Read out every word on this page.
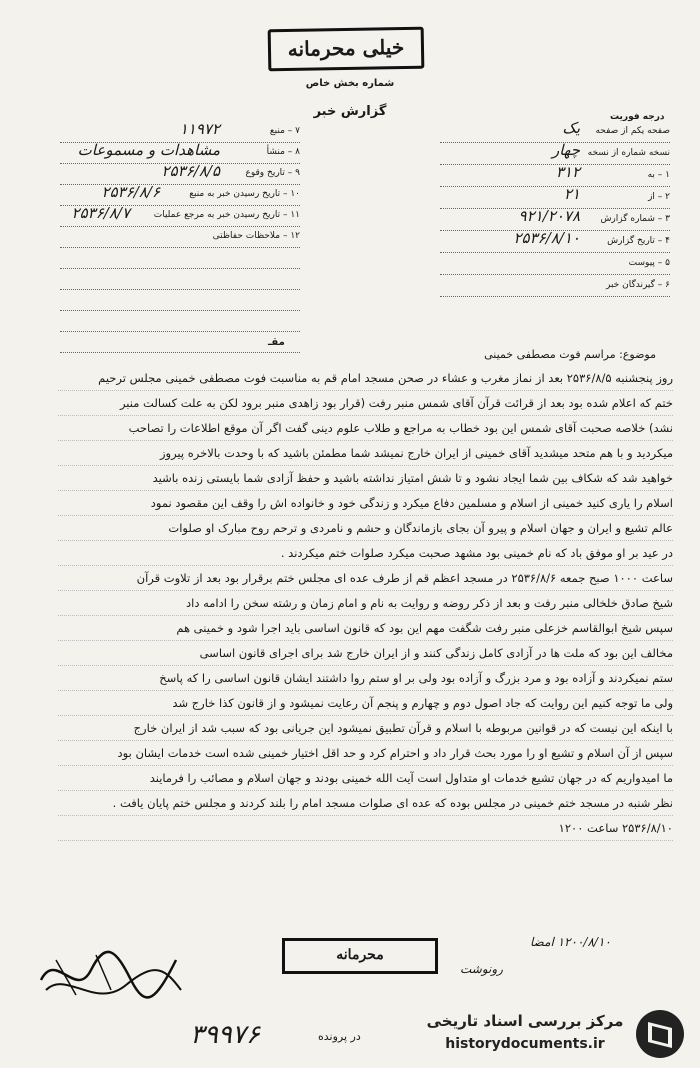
خیلی محرمانه
شماره بخش خاص
گزارش خبر	درجه فوریت
۷ – منبع
۱۱۹۷۲
۸ – منشأ
مشاهدات و مسموعات
۹ – تاریخ وقوع
۲۵۳۶/۸/۵
۱۰ – تاریخ رسیدن خبر به منبع
۲۵۳۶/۸/۶
۱۱ – تاریخ رسیدن خبر به مرجع عملیات
۲۵۳۶/۸/۷
۱۲ – ملاحظات حفاظتی
صفحه یکم از صفحه
یک
نسخه شماره از نسخه
چهار
۱ – به
۳۱۲
۲ – از
۲۱
۳ – شماره گزارش
۹۲۱/۲۰۷۸
۴ – تاریخ گزارش
۲۵۳۶/۸/۱۰
۵ – پیوست
۶ – گیرندگان خبر
مقـ
موضوع: مراسم فوت مصطفی خمینی
روز پنجشنبه ۲۵۳۶/۸/۵ بعد از نماز مغرب و عشاء در صحن مسجد امام قم به مناسبت فوت مصطفی خمینی مجلس ترحیم
ختم که اعلام شده بود بعد از قرائت قرآن آقای شمس منبر رفت (قرار بود زاهدی منبر برود لکن به علت کسالت منبر
نشد) خلاصه صحبت آقای شمس این بود خطاب به مراجع و طلاب علوم دینی گفت اگر آن موقع اطلاعات را تصاحب
میکردید و با هم متحد میشدید آقای خمینی از ایران خارج نمیشد شما مطمئن باشید که با وحدت بالاخره پیروز
خواهید شد که شکاف بین شما ایجاد نشود و تا شش امتیاز نداشته باشید و حفظ آزادی شما بایستی زنده باشید
اسلام را یاری کنید خمینی از اسلام و مسلمین دفاع میکرد و زندگی خود و خانواده اش را وقف این مقصود نمود
عالم تشیع و ایران و جهان اسلام و پیرو آن بجای بازماندگان و حشم و نامردی و ترحم روح مبارک او صلوات
در عید بر او موفق باد که نام خمینی بود مشهد صحبت میکرد صلوات ختم میکردند .
ساعت ۱۰۰۰ صبح جمعه ۲۵۳۶/۸/۶ در مسجد اعظم قم از طرف عده ای مجلس ختم برقرار بود بعد از تلاوت قرآن
شیخ صادق خلخالی منبر رفت و بعد از ذکر روضه و روایت به نام و امام زمان و رشته سخن را ادامه داد
سپس شیخ ابوالقاسم خزعلی منبر رفت شگفت مهم این بود که قانون اساسی باید اجرا شود و خمینی هم
مخالف این بود که ملت ها در آزادی کامل زندگی کنند و از ایران خارج شد برای اجرای قانون اساسی
ستم نمیکردند و آزاده بود و مرد بزرگ و آزاده بود ولی بر او ستم روا داشتند ایشان قانون اساسی را که پاسخ
ولی ما توجه کنیم این روایت که جاد اصول دوم و چهارم و پنجم آن رعایت نمیشود و از قانون کذا خارج شد
با اینکه این نیست که در قوانین مربوطه با اسلام و قرآن تطبیق نمیشود این جریانی بود که سبب شد از ایران خارج
سپس از آن اسلام و تشیع او را مورد بحث قرار داد و احترام کرد و حد اقل اختیار خمینی شده است خدمات ایشان بود
ما امیدواریم که در جهان تشیع خدمات او متداول است آیت الله خمینی بودند و جهان اسلام و مصائب را فرمایند
نظر شنبه در مسجد ختم خمینی در مجلس بوده که عده ای صلوات مسجد امام را بلند کردند و مجلس ختم پایان یافت .
۲۵۳۶/۸/۱۰ ساعت ۱۲۰۰
محرمانه
۱۲۰۰/۸/۱۰ امضا
رونوشت
۳۹۹۷۶	در پرونده
مرکز بررسی اسناد تاریخی
historydocuments.ir
